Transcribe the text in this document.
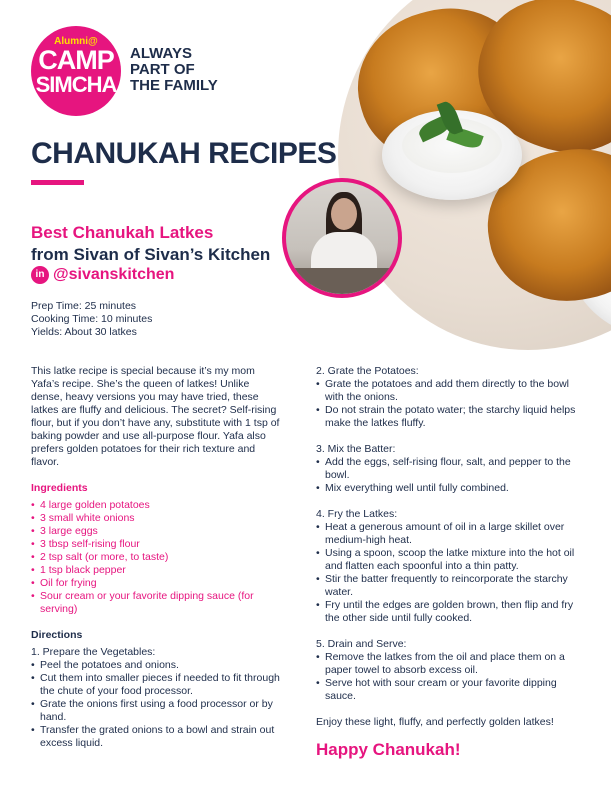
Alumni@
CAMP
SIMCHA
ALWAYS
PART OF
THE FAMILY
CHANUKAH RECIPES
Best Chanukah Latkes
from Sivan of Sivan’s Kitchen
in @sivanskitchen
Prep Time: 25 minutes
Cooking Time: 10 minutes
Yields: About 30 latkes

This latke recipe is special because it’s my mom Yafa’s recipe. She’s the queen of latkes! Unlike dense, heavy versions you may have tried, these latkes are fluffy and delicious. The secret? Self-rising flour, but if you don’t have any, substitute with 1 tsp of baking powder and use all-purpose flour. Yafa also prefers golden potatoes for their rich texture and flavor.

Ingredients
• 4 large golden potatoes
• 3 small white onions
• 3 large eggs
• 3 tbsp self-rising flour
• 2 tsp salt (or more, to taste)
• 1 tsp black pepper
• Oil for frying
• Sour cream or your favorite dipping sauce (for serving)
Directions
1. Prepare the Vegetables:
• Peel the potatoes and onions.
• Cut them into smaller pieces if needed to fit through the chute of your food processor.
• Grate the onions first using a food processor or by hand.
• Transfer the grated onions to a bowl and strain out excess liquid.
2. Grate the Potatoes:
• Grate the potatoes and add them directly to the bowl with the onions.
• Do not strain the potato water; the starchy liquid helps make the latkes fluffy.
3. Mix the Batter:
• Add the eggs, self-rising flour, salt, and pepper to the bowl.
• Mix everything well until fully combined.
4. Fry the Latkes:
• Heat a generous amount of oil in a large skillet over medium-high heat.
• Using a spoon, scoop the latke mixture into the hot oil and flatten each spoonful into a thin patty.
• Stir the batter frequently to reincorporate the starchy water.
• Fry until the edges are golden brown, then flip and fry the other side until fully cooked.
5. Drain and Serve:
• Remove the latkes from the oil and place them on a paper towel to absorb excess oil.
• Serve hot with sour cream or your favorite dipping sauce.

Enjoy these light, fluffy, and perfectly golden latkes!

Happy Chanukah!
